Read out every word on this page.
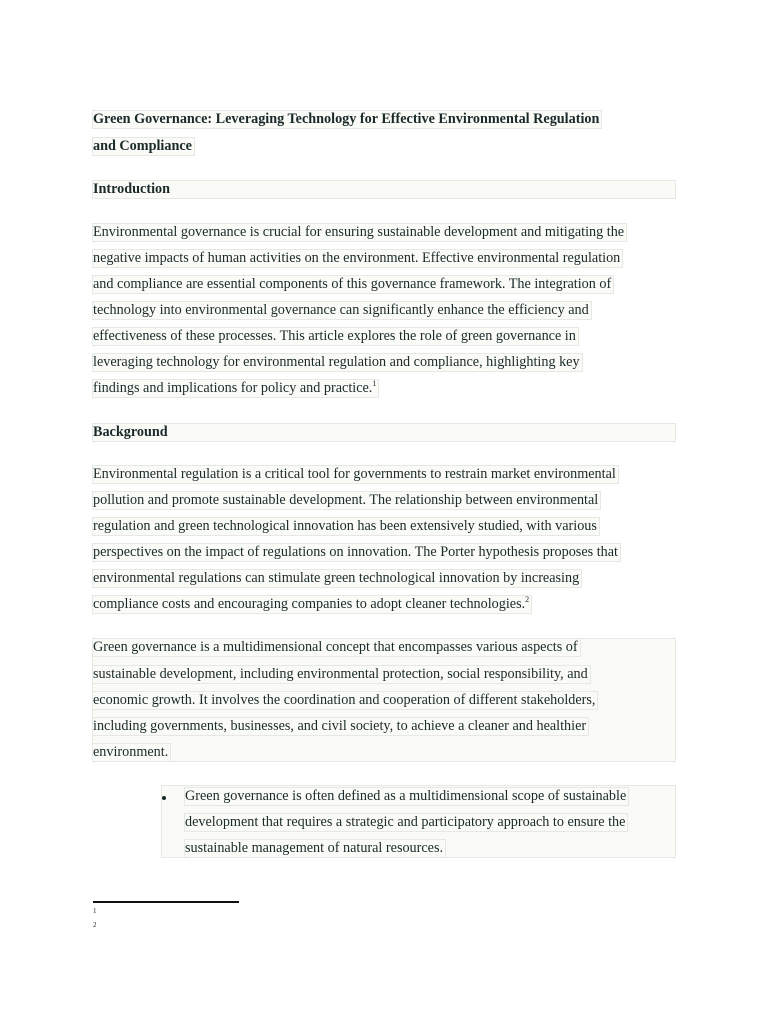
Green Governance: Leveraging Technology for Effective Environmental Regulation
and Compliance
Introduction
Environmental governance is crucial for ensuring sustainable development and mitigating the
negative impacts of human activities on the environment. Effective environmental regulation
and compliance are essential components of this governance framework. The integration of
technology into environmental governance can significantly enhance the efficiency and
effectiveness of these processes. This article explores the role of green governance in
leveraging technology for environmental regulation and compliance, highlighting key
findings and implications for policy and practice.$^1$
Background
Environmental regulation is a critical tool for governments to restrain market environmental
pollution and promote sustainable development. The relationship between environmental
regulation and green technological innovation has been extensively studied, with various
perspectives on the impact of regulations on innovation. The Porter hypothesis proposes that
environmental regulations can stimulate green technological innovation by increasing
compliance costs and encouraging companies to adopt cleaner technologies.$^2$
Green governance is a multidimensional concept that encompasses various aspects of
sustainable development, including environmental protection, social responsibility, and
economic growth. It involves the coordination and cooperation of different stakeholders,
including governments, businesses, and civil society, to achieve a cleaner and healthier
environment.
Green governance is often defined as a multidimensional scope of sustainable
development that requires a strategic and participatory approach to ensure the
sustainable management of natural resources.
1
2
